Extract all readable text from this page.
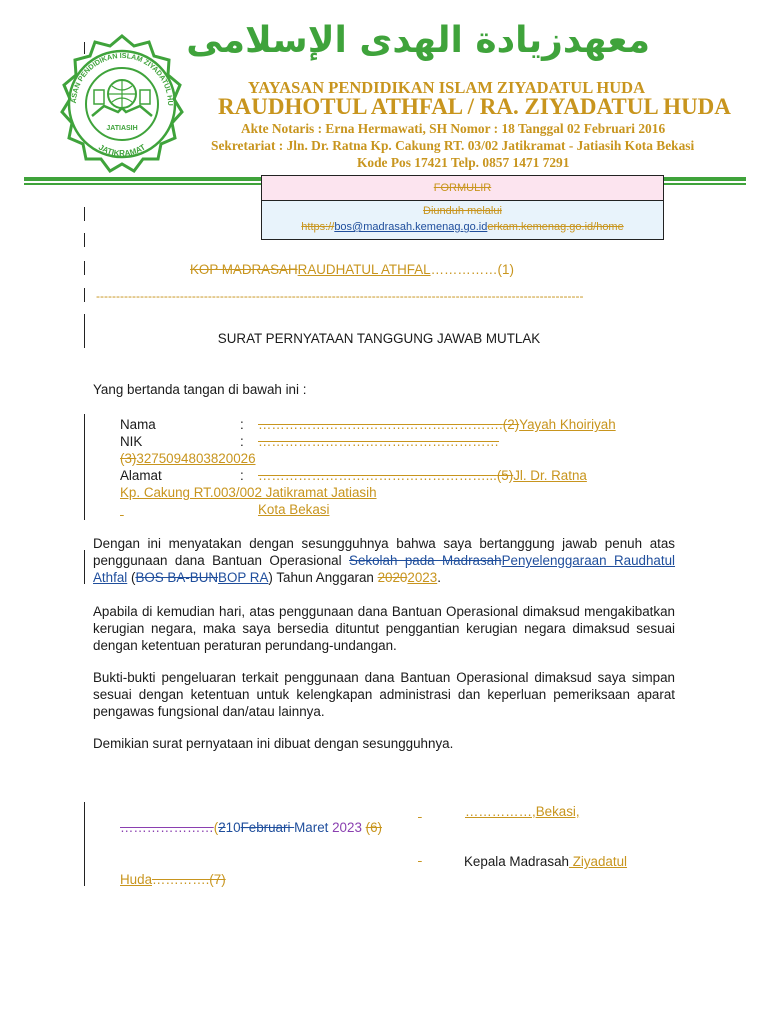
ASAN PENDIDIKAN ISLAM ZIYADATUL HU
JATIKRAMAT
JATIASIH
معهدزيادة الهدى الإسلامى
YAYASAN PENDIDIKAN ISLAM ZIYADATUL HUDA
RAUDHOTUL ATHFAL / RA. ZIYADATUL HUDA
Akte Notaris : Erna Hermawati, SH Nomor : 18 Tanggal 02 Februari 2016
Sekretariat : Jln. Dr. Ratna Kp. Cakung RT. 03/02 Jatikramat - Jatiasih Kota Bekasi
Kode Pos 17421 Telp. 0857 1471 7291
FORMULIR
Diunduh melalui
https://bos@madrasah.kemenag.go.iderkam.kemenag.go.id/home
KOP MADRASAHRAUDHATUL ATHFAL……………(1)
--------------------------------------------------------------------------------------------------------------------------
SURAT PERNYATAAN TANGGUNG JAWAB MUTLAK
Yang bertanda tangan di bawah ini :
Nama	: ……………………………………………….(2)Yayah Khoiriyah
NIK	: ………………………………………………
(3)3275094803820026
Alamat	: ……………………………………………...(5)Jl. Dr. Ratna
Kp. Cakung RT.003/002 Jatikramat Jatiasih
Kota Bekasi
Dengan ini menyatakan dengan sesungguhnya bahwa saya bertanggung jawab penuh atas penggunaan dana Bantuan Operasional Sekolah pada MadrasahPenyelenggaraan Raudhatul Athfal (BOS BA-BUNBOP RA) Tahun Anggaran 20202023.
Apabila di kemudian hari, atas penggunaan dana Bantuan Operasional dimaksud mengakibatkan kerugian negara, maka saya bersedia dituntut penggantian kerugian negara dimaksud sesuai dengan ketentuan peraturan perundang-undangan.
Bukti-bukti pengeluaran terkait penggunaan dana Bantuan Operasional dimaksud saya simpan sesuai dengan ketentuan untuk kelengkapan administrasi dan keperluan pemeriksaan aparat pengawas fungsional dan/atau lainnya.
Demikian surat pernyataan ini dibuat dengan sesungguhnya.
……………,Bekasi,
…………………(210Februari Maret 2023 (6)
Kepala Madrasah Ziyadatul
Huda………….(7)
